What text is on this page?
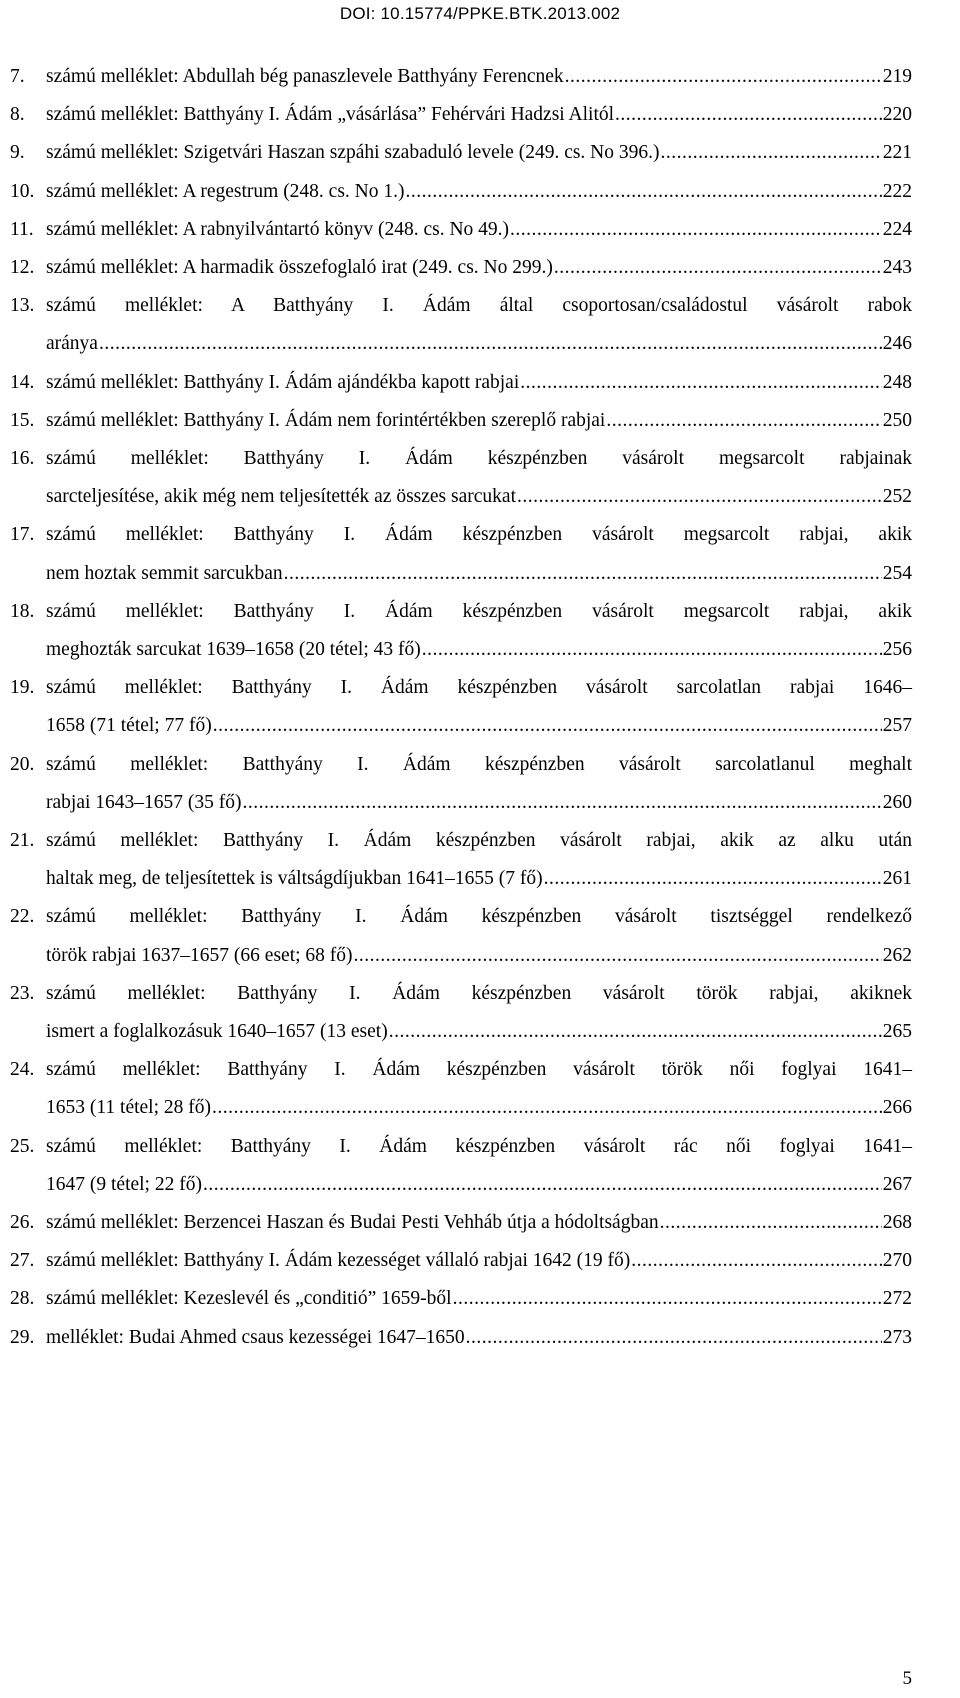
DOI: 10.15774/PPKE.BTK.2013.002
7. számú melléklet: Abdullah bég panaszlevele Batthyány Ferencnek .....	219
8. számú melléklet: Batthyány I. Ádám „vásárlása” Fehérvári Hadzsi Alitól .....	220
9. számú melléklet: Szigetvári Haszan szpáhi szabaduló levele (249. cs. No 396.) .....	221
10. számú melléklet: A regestrum (248. cs. No 1.) .....	222
11. számú melléklet: A rabnyilvántartó könyv (248. cs. No 49.) .....	224
12. számú melléklet: A harmadik összefoglaló irat (249. cs. No 299.) .....	243
13. számú melléklet: A Batthyány I. Ádám által csoportosan/családostul vásárolt rabok
aránya .....	246
14. számú melléklet: Batthyány I. Ádám ajándékba kapott rabjai .....	248
15. számú melléklet: Batthyány I. Ádám nem forintértékben szereplő rabjai .....	250
16. számú melléklet: Batthyány I. Ádám készpénzben vásárolt megsarcolt rabjainak
sarcteljesítése, akik még nem teljesítették az összes sarcukat .....	252
17. számú melléklet: Batthyány I. Ádám készpénzben vásárolt megsarcolt rabjai, akik
nem hoztak semmit sarcukban .....	254
18. számú melléklet: Batthyány I. Ádám készpénzben vásárolt megsarcolt rabjai, akik
meghozták sarcukat 1639–1658 (20 tétel; 43 fő) .....	256
19. számú melléklet: Batthyány I. Ádám készpénzben vásárolt sarcolatlan rabjai 1646–
1658 (71 tétel; 77 fő) .....	257
20. számú melléklet: Batthyány I. Ádám készpénzben vásárolt sarcolatlanul meghalt
rabjai 1643–1657 (35 fő) .....	260
21. számú melléklet: Batthyány I. Ádám készpénzben vásárolt rabjai, akik az alku után
haltak meg, de teljesítettek is váltságdíjukban 1641–1655 (7 fő) .....	261
22. számú melléklet: Batthyány I. Ádám készpénzben vásárolt tisztséggel rendelkező
török rabjai 1637–1657 (66 eset; 68 fő) .....	262
23. számú melléklet: Batthyány I. Ádám készpénzben vásárolt török rabjai, akiknek
ismert a foglalkozásuk 1640–1657 (13 eset) .....	265
24. számú melléklet: Batthyány I. Ádám készpénzben vásárolt török női foglyai 1641–
1653 (11 tétel; 28 fő) .....	266
25. számú melléklet: Batthyány I. Ádám készpénzben vásárolt rác női foglyai 1641–
1647 (9 tétel; 22 fő) .....	267
26. számú melléklet: Berzencei Haszan és Budai Pesti Vehháb útja a hódoltságban .....	268
27. számú melléklet: Batthyány I. Ádám kezességet vállaló rabjai 1642 (19 fő) .....	270
28. számú melléklet: Kezeslevél és „conditió” 1659-ből .....	272
29. melléklet: Budai Ahmed csaus kezességei 1647–1650 .....	273
5
